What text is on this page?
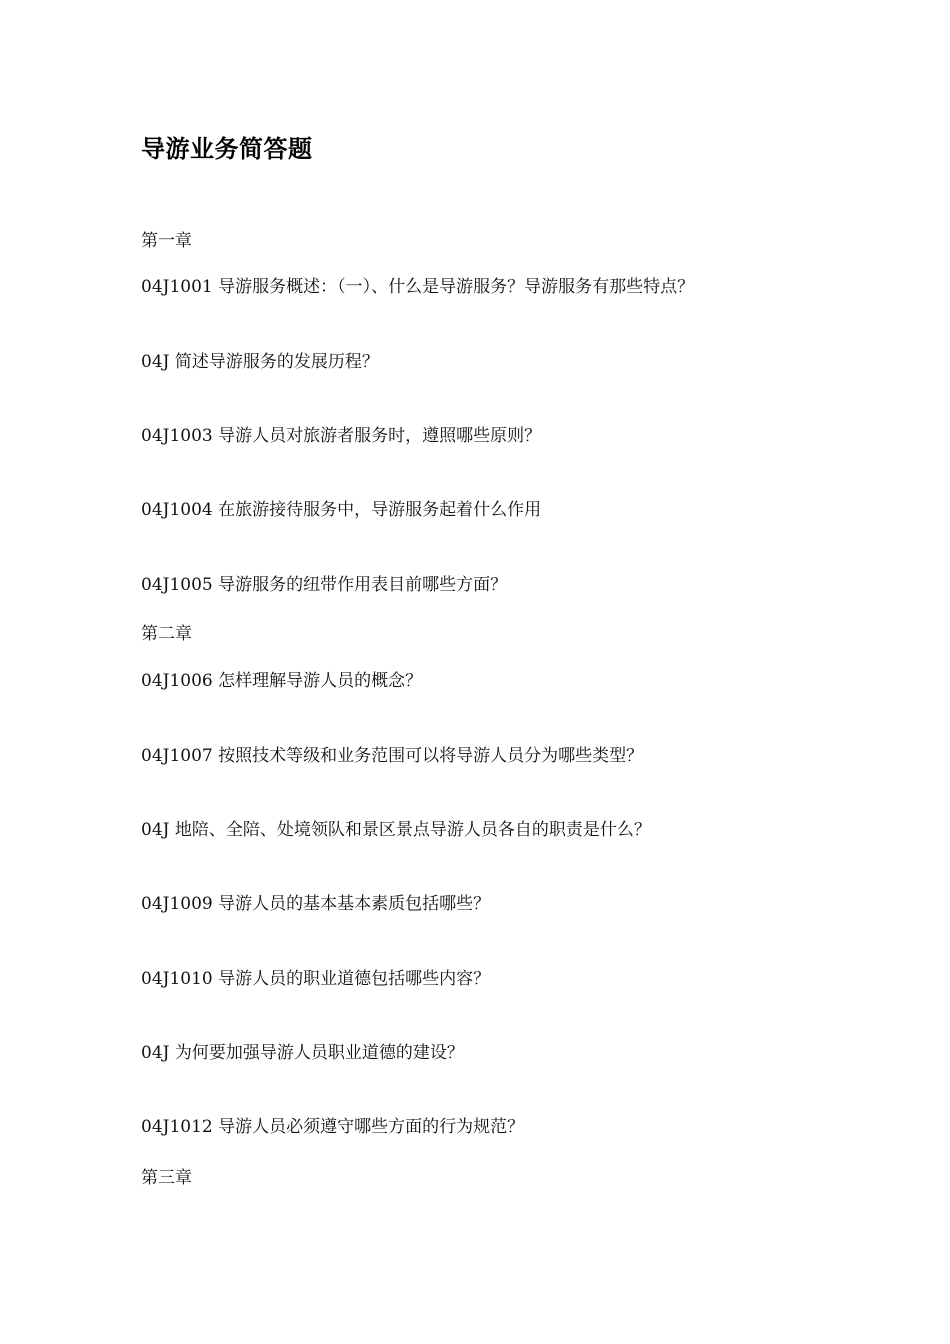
导游业务简答题

第一章

04J1001 导游服务概述：（一）、什么是导游服务？导游服务有那些特点？

04J 简述导游服务的发展历程？

04J1003 导游人员对旅游者服务时，遵照哪些原则？

04J1004 在旅游接待服务中，导游服务起着什么作用

04J1005 导游服务的纽带作用表目前哪些方面？

第二章

04J1006 怎样理解导游人员的概念？

04J1007 按照技术等级和业务范围可以将导游人员分为哪些类型？

04J 地陪、全陪、处境领队和景区景点导游人员各自的职责是什么？

04J1009 导游人员的基本基本素质包括哪些？

04J1010 导游人员的职业道德包括哪些内容？

04J 为何要加强导游人员职业道德的建设？

04J1012 导游人员必须遵守哪些方面的行为规范？

第三章
